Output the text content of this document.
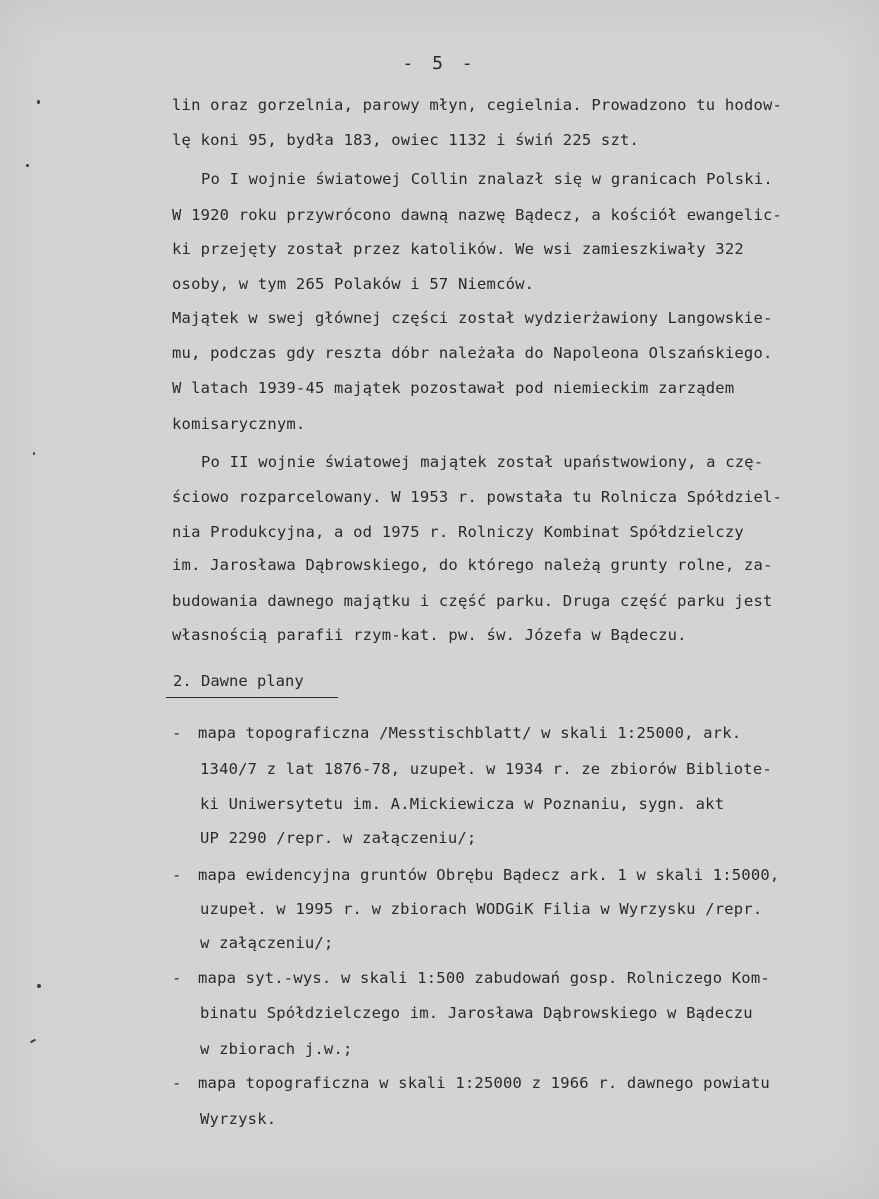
- 5 -
lin oraz gorzelnia, parowy młyn, cegielnia. Prowadzono tu hodow-
lę koni 95, bydła 183, owiec 1132 i świń 225 szt.
Po I wojnie światowej Collin znalazł się w granicach Polski.
W 1920 roku przywrócono dawną nazwę Bądecz, a kościół ewangelic-
ki przejęty został przez katolików. We wsi zamieszkiwały 322
osoby, w tym 265 Polaków i 57 Niemców.
Majątek w swej głównej części został wydzierżawiony Langowskie-
mu, podczas gdy reszta dóbr należała do Napoleona Olszańskiego.
W latach 1939-45 majątek pozostawał pod niemieckim zarządem
komisarycznym.
Po II wojnie światowej majątek został upaństwowiony, a czę-
ściowo rozparcelowany. W 1953 r. powstała tu Rolnicza Spółdziel-
nia Produkcyjna, a od 1975 r. Rolniczy Kombinat Spółdzielczy
im. Jarosława Dąbrowskiego, do którego należą grunty rolne, za-
budowania dawnego majątku i część parku. Druga część parku jest
własnością parafii rzym-kat. pw. św. Józefa w Bądeczu.
2. Dawne plany
- mapa topograficzna /Messtischblatt/ w skali 1:25000, ark.
1340/7 z lat 1876-78, uzupeł. w 1934 r. ze zbiorów Bibliote-
ki Uniwersytetu im. A.Mickiewicza w Poznaniu, sygn. akt
UP 2290 /repr. w załączeniu/;
- mapa ewidencyjna gruntów Obrębu Bądecz ark. 1 w skali 1:5000,
uzupeł. w 1995 r. w zbiorach WODGiK Filia w Wyrzysku /repr.
w załączeniu/;
- mapa syt.-wys. w skali 1:500 zabudowań gosp. Rolniczego Kom-
binatu Spółdzielczego im. Jarosława Dąbrowskiego w Bądeczu
w zbiorach j.w.;
- mapa topograficzna w skali 1:25000 z 1966 r. dawnego powiatu
Wyrzysk.
